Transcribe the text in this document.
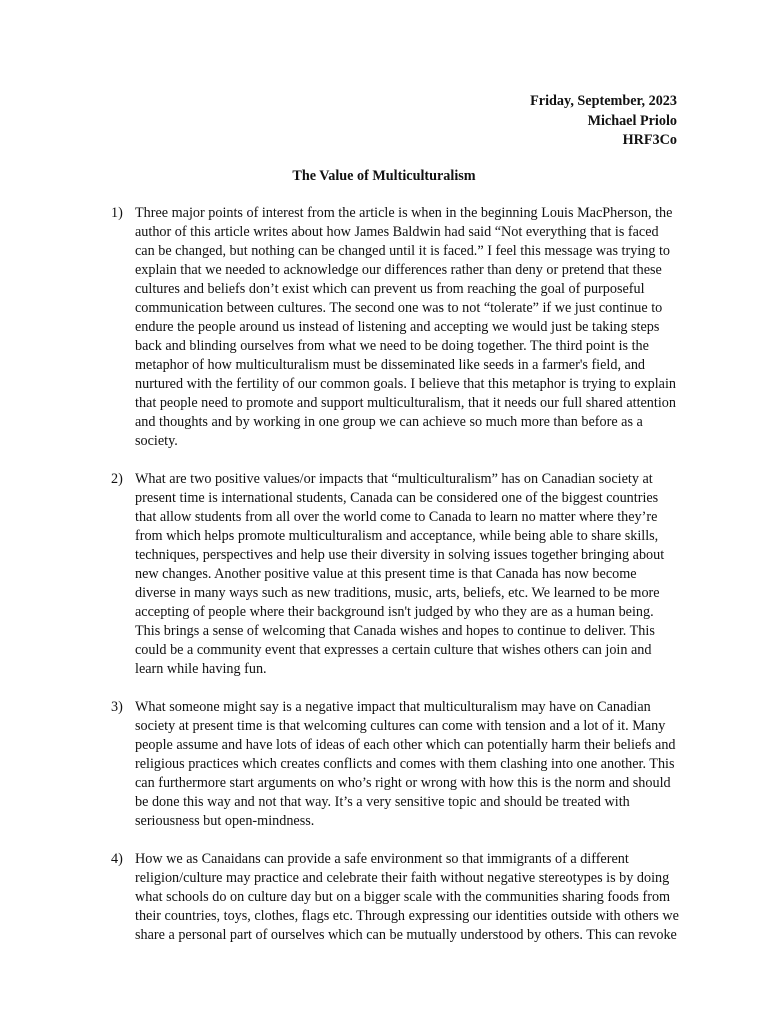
Friday, September, 2023
Michael Priolo
HRF3Co
The Value of Multiculturalism
1) Three major points of interest from the article is when in the beginning Louis MacPherson, the author of this article writes about how James Baldwin had said “Not everything that is faced can be changed, but nothing can be changed until it is faced.” I feel this message was trying to explain that we needed to acknowledge our differences rather than deny or pretend that these cultures and beliefs don’t exist which can prevent us from reaching the goal of purposeful communication between cultures. The second one was to not “tolerate” if we just continue to endure the people around us instead of listening and accepting we would just be taking steps back and blinding ourselves from what we need to be doing together. The third point is the metaphor of how multiculturalism must be disseminated like seeds in a farmer's field, and nurtured with the fertility of our common goals. I believe that this metaphor is trying to explain that people need to promote and support multiculturalism, that it needs our full shared attention and thoughts and by working in one group we can achieve so much more than before as a society.
2) What are two positive values/or impacts that “multiculturalism” has on Canadian society at present time is international students, Canada can be considered one of the biggest countries that allow students from all over the world come to Canada to learn no matter where they’re from which helps promote multiculturalism and acceptance, while being able to share skills, techniques, perspectives and help use their diversity in solving issues together bringing about new changes. Another positive value at this present time is that Canada has now become diverse in many ways such as new traditions, music, arts, beliefs, etc. We learned to be more accepting of people where their background isn't judged by who they are as a human being. This brings a sense of welcoming that Canada wishes and hopes to continue to deliver. This could be a community event that expresses a certain culture that wishes others can join and learn while having fun.
3) What someone might say is a negative impact that multiculturalism may have on Canadian society at present time is that welcoming cultures can come with tension and a lot of it. Many people assume and have lots of ideas of each other which can potentially harm their beliefs and religious practices which creates conflicts and comes with them clashing into one another. This can furthermore start arguments on who’s right or wrong with how this is the norm and should be done this way and not that way. It’s a very sensitive topic and should be treated with seriousness but open-mindness.
4) How we as Canaidans can provide a safe environment so that immigrants of a different religion/culture may practice and celebrate their faith without negative stereotypes is by doing what schools do on culture day but on a bigger scale with the communities sharing foods from their countries, toys, clothes, flags etc. Through expressing our identities outside with others we share a personal part of ourselves which can be mutually understood by others. This can revoke
